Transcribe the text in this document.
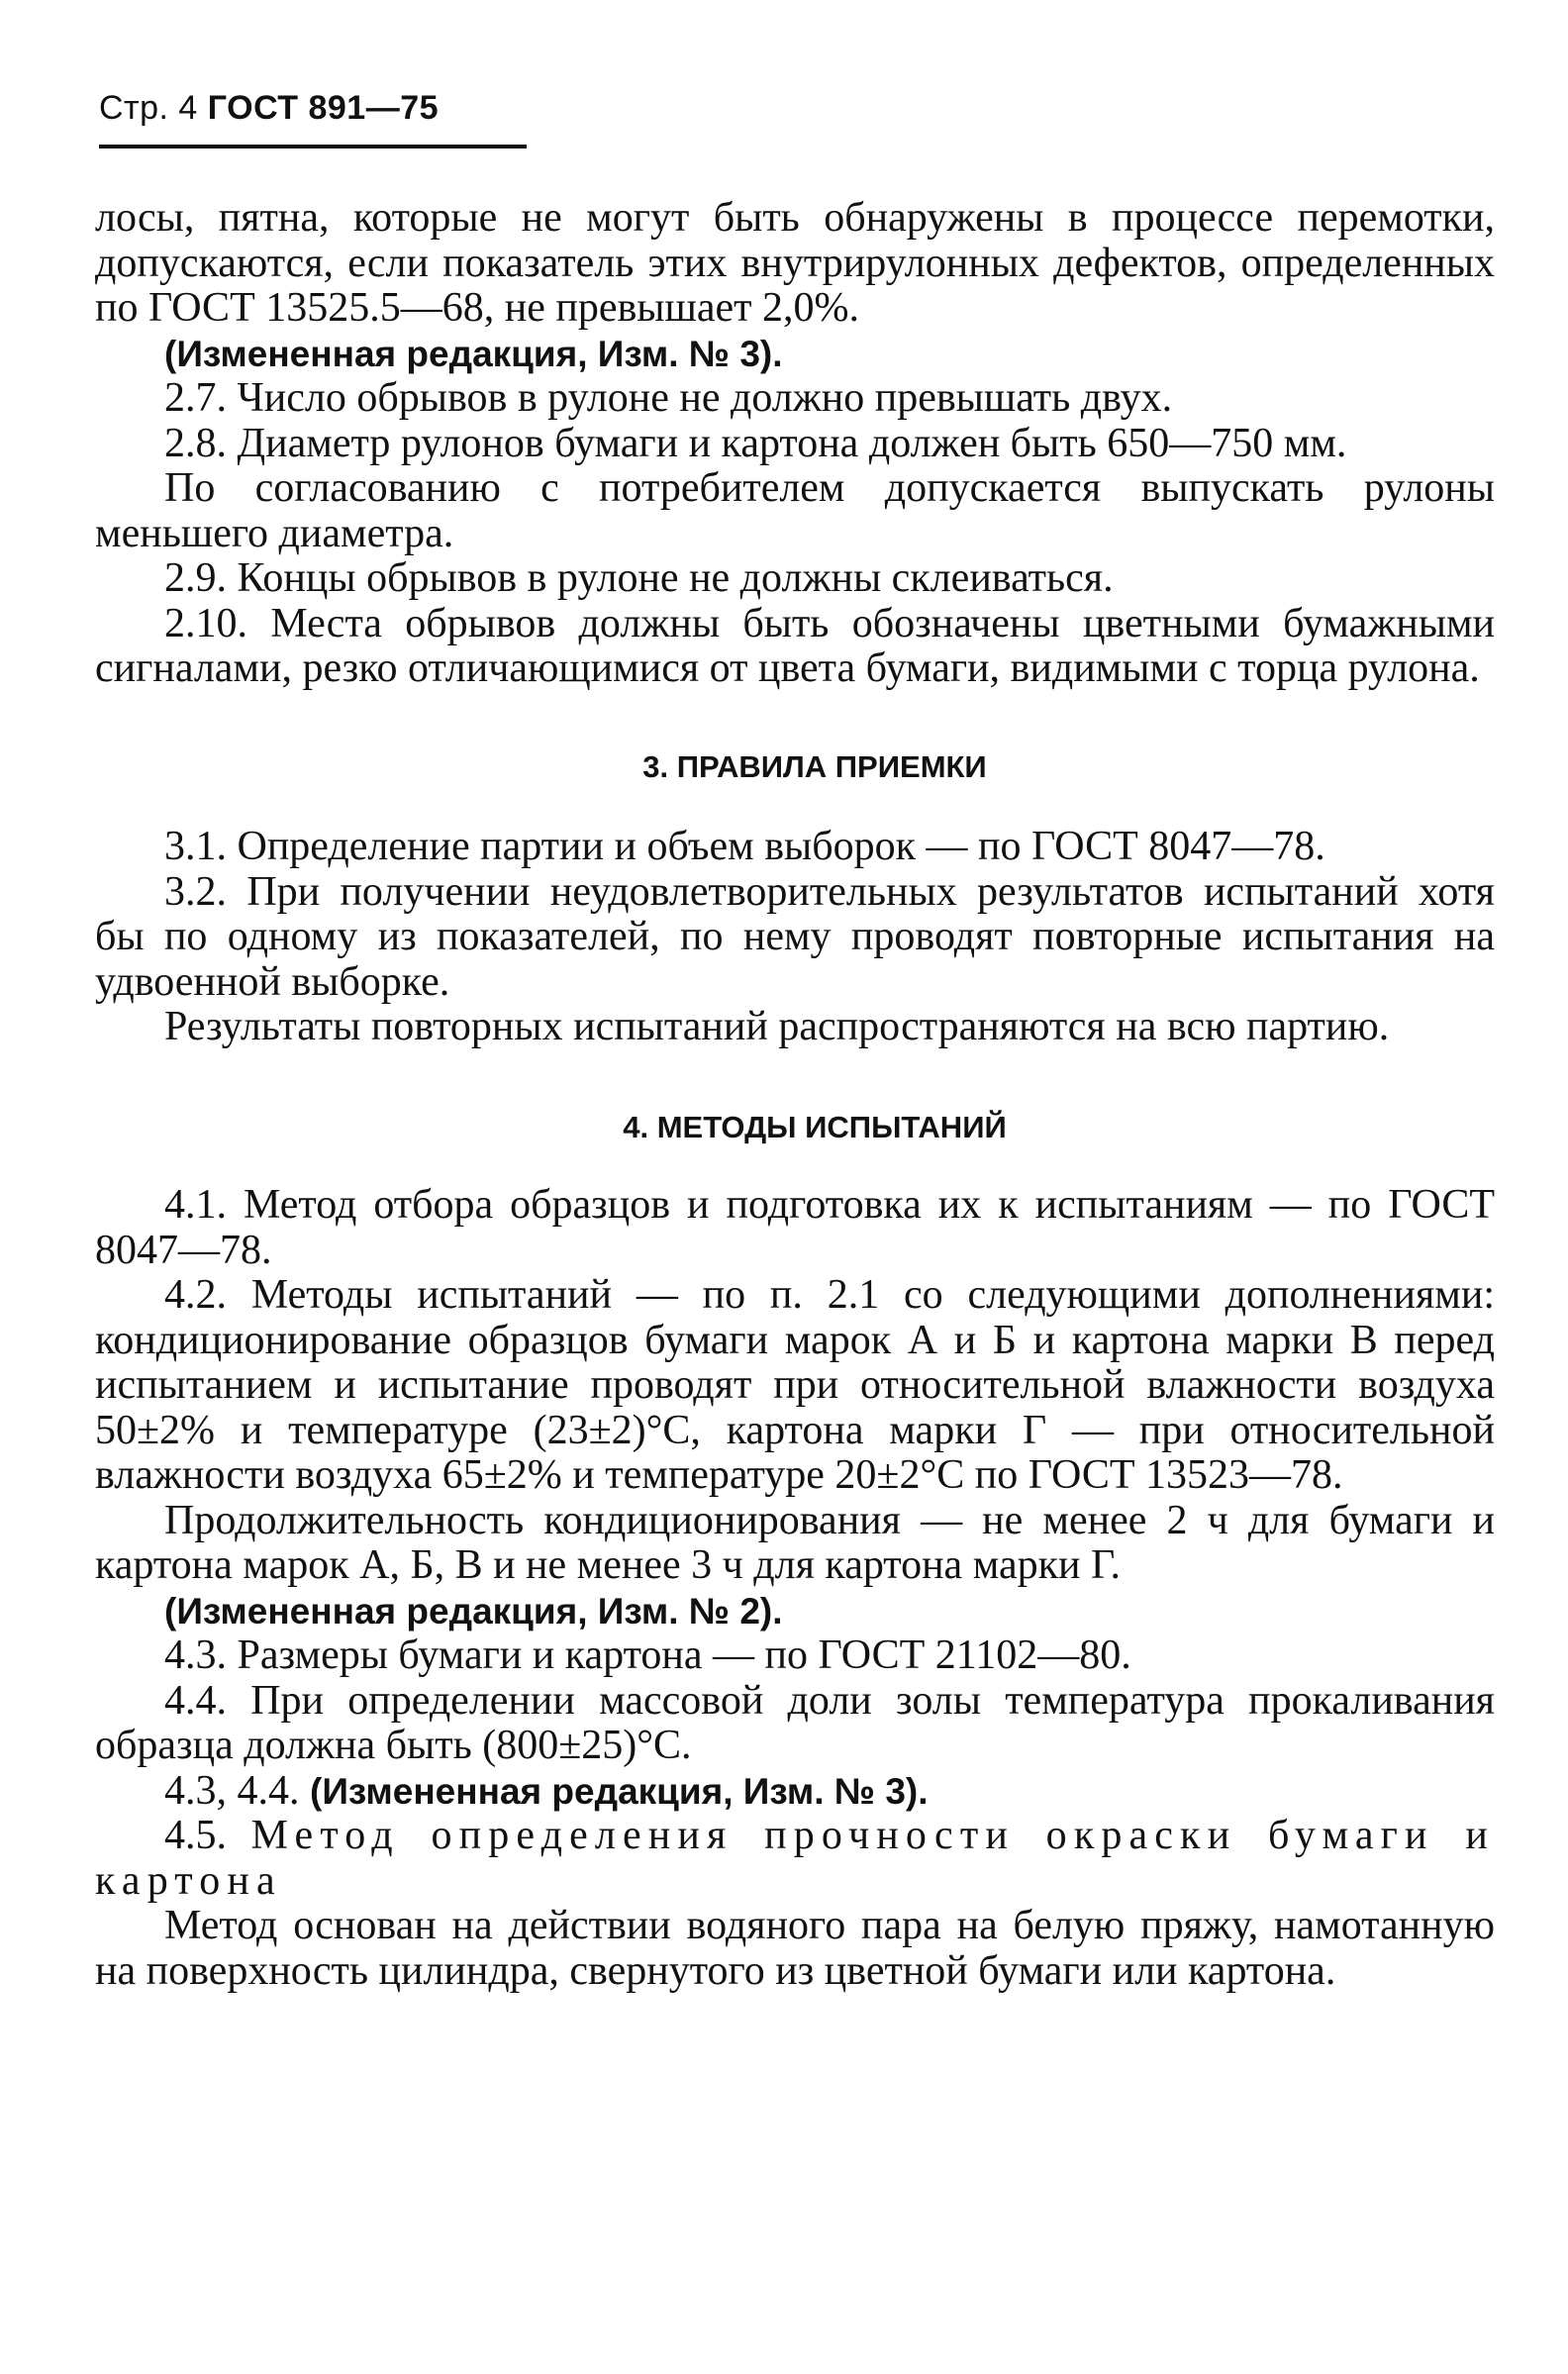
Стр. 4 ГОСТ 891—75

лосы, пятна, которые не могут быть обнаружены в процессе перемотки, допускаются, если показатель этих внутрирулонных дефектов, определенных по ГОСТ 13525.5—68, не превышает 2,0%.

(Измененная редакция, Изм. № 3).

2.7. Число обрывов в рулоне не должно превышать двух.

2.8. Диаметр рулонов бумаги и картона должен быть 650—750 мм.

По согласованию с потребителем допускается выпускать рулоны меньшего диаметра.

2.9. Концы обрывов в рулоне не должны склеиваться.

2.10. Места обрывов должны быть обозначены цветными бумажными сигналами, резко отличающимися от цвета бумаги, видимыми с торца рулона.

3. ПРАВИЛА ПРИЕМКИ

3.1. Определение партии и объем выборок — по ГОСТ 8047—78.

3.2. При получении неудовлетворительных результатов испытаний хотя бы по одному из показателей, по нему проводят повторные испытания на удвоенной выборке.

Результаты повторных испытаний распространяются на всю партию.

4. МЕТОДЫ ИСПЫТАНИЙ

4.1. Метод отбора образцов и подготовка их к испытаниям — по ГОСТ 8047—78.

4.2. Методы испытаний — по п. 2.1 со следующими дополнениями: кондиционирование образцов бумаги марок А и Б и картона марки В перед испытанием и испытание проводят при относительной влажности воздуха 50±2% и температуре (23±2)°С, картона марки Г — при относительной влажности воздуха 65±2% и температуре 20±2°С по ГОСТ 13523—78.

Продолжительность кондиционирования — не менее 2 ч для бумаги и картона марок А, Б, В и не менее 3 ч для картона марки Г.

(Измененная редакция, Изм. № 2).

4.3. Размеры бумаги и картона — по ГОСТ 21102—80.

4.4. При определении массовой доли золы температура прокаливания образца должна быть (800±25)°С.

4.3, 4.4. (Измененная редакция, Изм. № 3).

4.5. Метод определения прочности окраски бумаги и картона

Метод основан на действии водяного пара на белую пряжу, намотанную на поверхность цилиндра, свернутого из цветной бумаги или картона.
